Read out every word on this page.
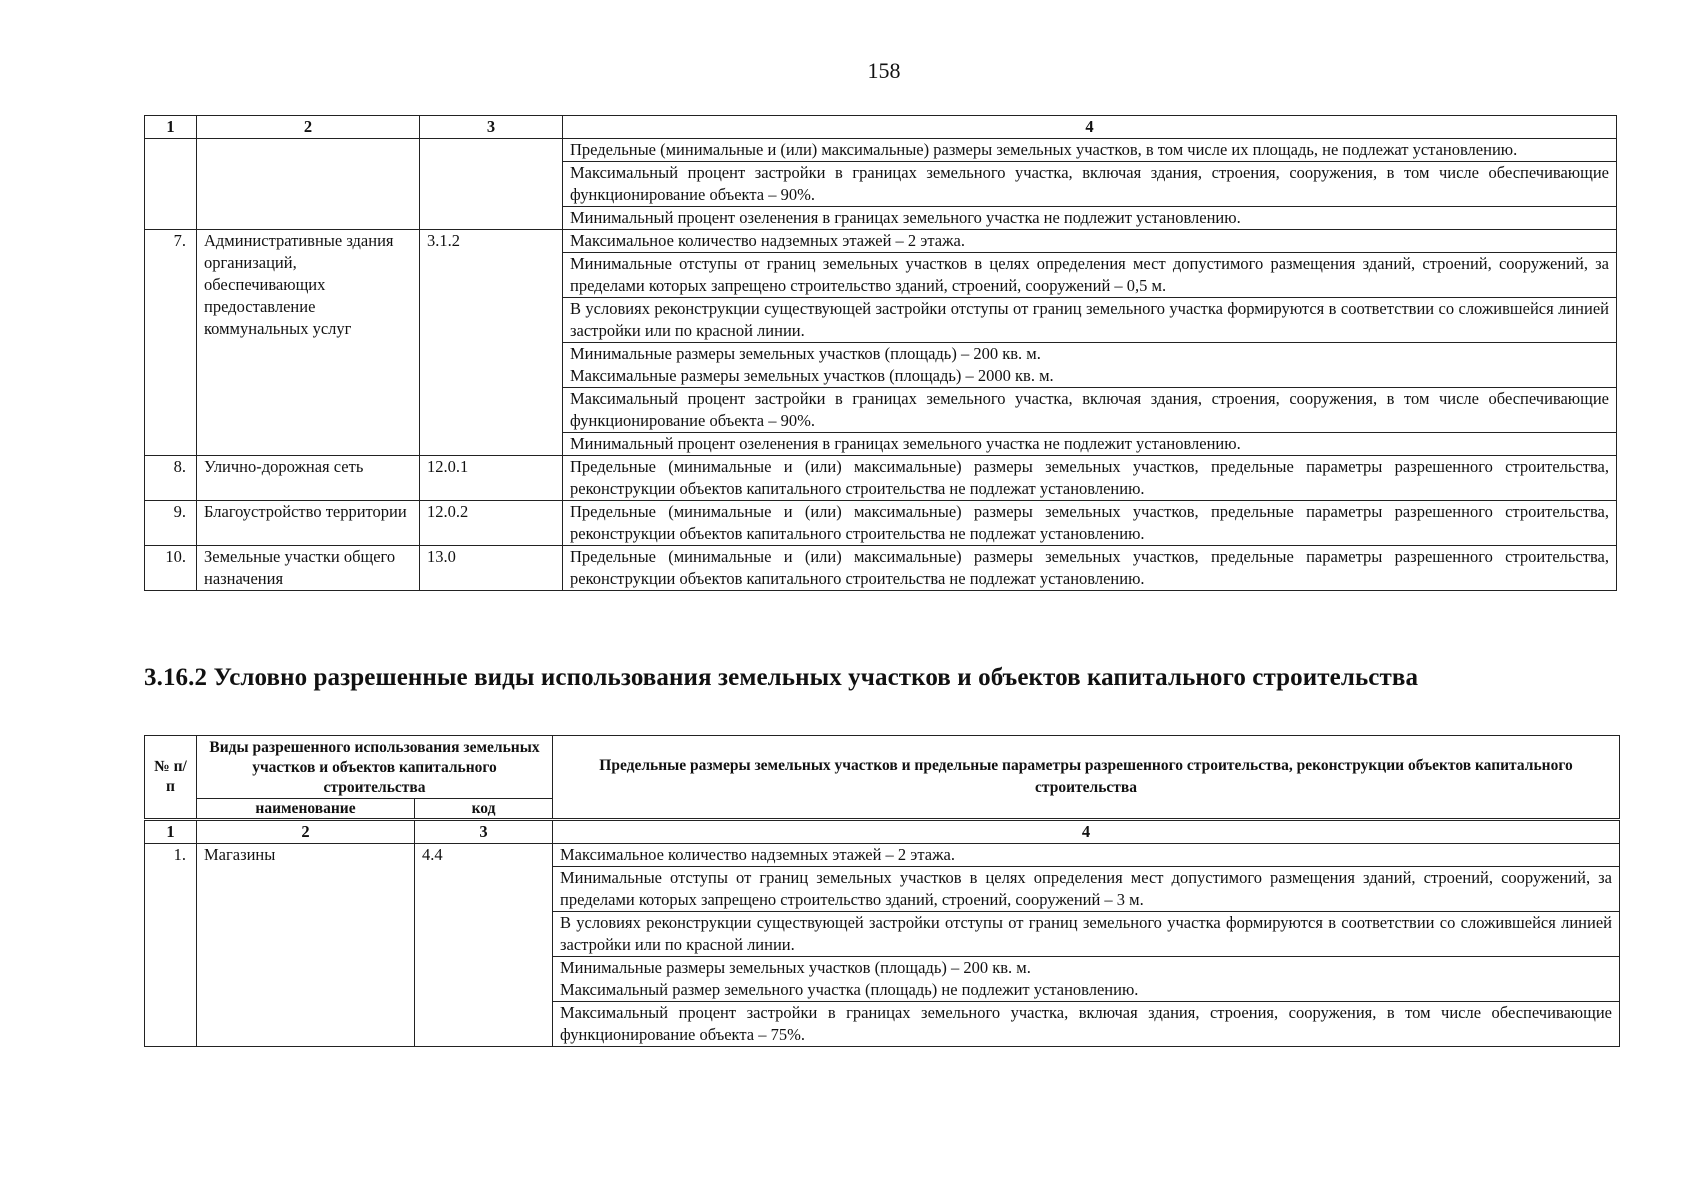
158
1	2	3	4
			Предельные (минимальные и (или) максимальные) размеры земельных участков, в том числе их площадь, не подлежат установлению.
			Максимальный процент застройки в границах земельного участка, включая здания, строения, сооружения, в том числе обеспечивающие функционирование объекта – 90%.
			Минимальный процент озеленения в границах земельного участка не подлежит установлению.
7.	Административные здания организаций, обеспечивающих предоставление коммунальных услуг	3.1.2	Максимальное количество надземных этажей – 2 этажа.
			Минимальные отступы от границ земельных участков в целях определения мест допустимого размещения зданий, строений, сооружений, за пределами которых запрещено строительство зданий, строений, сооружений – 0,5 м.
			В условиях реконструкции существующей застройки отступы от границ земельного участка формируются в соответствии со сложившейся линией застройки или по красной линии.

			Минимальные размеры земельных участков (площадь) – 200 кв. м.
Максимальные размеры земельных участков (площадь) – 2000 кв. м.

			Максимальный процент застройки в границах земельного участка, включая здания, строения, сооружения, в том числе обеспечивающие функционирование объекта – 90%.
			Минимальный процент озеленения в границах земельного участка не подлежит установлению.
8.	Улично-дорожная сеть	12.0.1	Предельные (минимальные и (или) максимальные) размеры земельных участков, предельные параметры разрешенного строительства, реконструкции объектов капитального строительства не подлежат установлению.
9.	Благоустройство территории	12.0.2	Предельные (минимальные и (или) максимальные) размеры земельных участков, предельные параметры разрешенного строительства, реконструкции объектов капитального строительства не подлежат установлению.
10.	Земельные участки общего назначения	13.0	Предельные (минимальные и (или) максимальные) размеры земельных участков, предельные параметры разрешенного строительства, реконструкции объектов капитального строительства не подлежат установлению.
3.16.2 Условно разрешенные виды использования земельных участков и объектов капитального строительства
№ п/п	Виды разрешенного использования земельных участков и объектов капитального строительства		Предельные размеры земельных участков и предельные параметры разрешенного строительства, реконструкции объектов капитального строительства
	наименование	код	
1	2	3	4
1.	Магазины	4.4	Максимальное количество надземных этажей – 2 этажа.
			Минимальные отступы от границ земельных участков в целях определения мест допустимого размещения зданий, строений, сооружений, за пределами которых запрещено строительство зданий, строений, сооружений – 3 м.
			В условиях реконструкции существующей застройки отступы от границ земельного участка формируются в соответствии со сложившейся линией застройки или по красной линии.

			Минимальные размеры земельных участков (площадь) – 200 кв. м.
Максимальный размер земельного участка (площадь) не подлежит установлению.

			Максимальный процент застройки в границах земельного участка, включая здания, строения, сооружения, в том числе обеспечивающие функционирование объекта – 75%.
